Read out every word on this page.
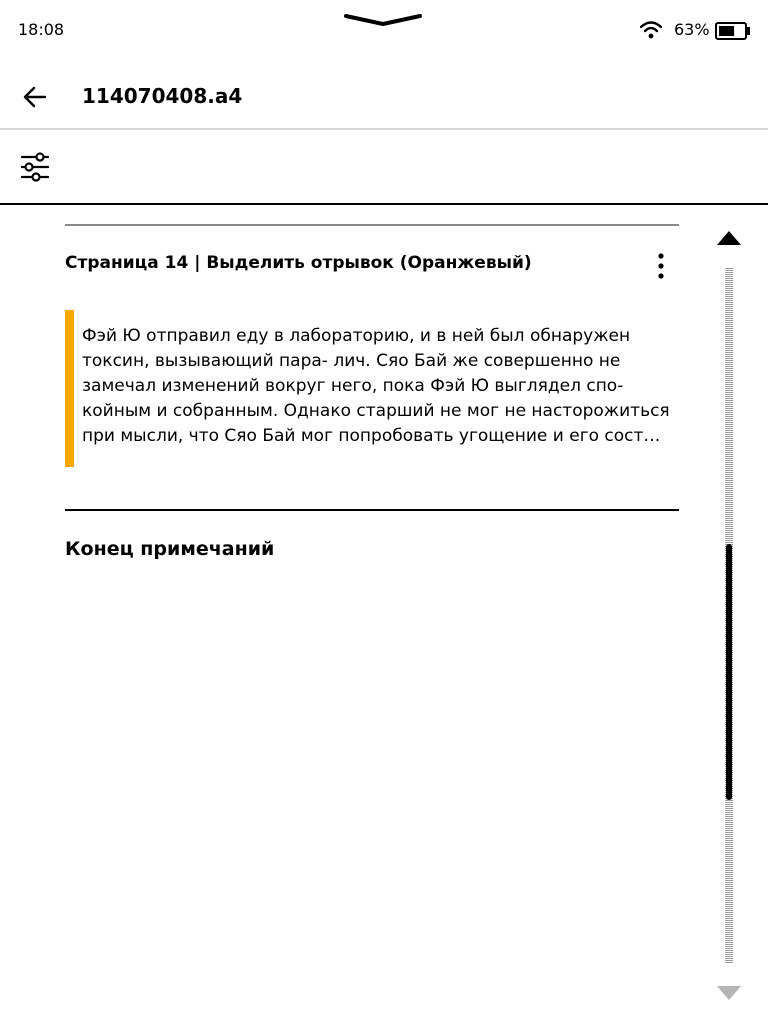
18:08	63%
114070408.a4
Страница 14 | Выделить отрывок (Оранжевый)
Фэй Ю отправил еду в лабораторию, и в ней был обнаружен
токсин, вызывающий пара- лич. Сяо Бай же совершенно не
замечал изменений вокруг него, пока Фэй Ю выглядел спо-
койным и собранным. Однако старший не мог не насторожиться
при мысли, что Сяо Бай мог попробовать угощение и его сост…
Конец примечаний
